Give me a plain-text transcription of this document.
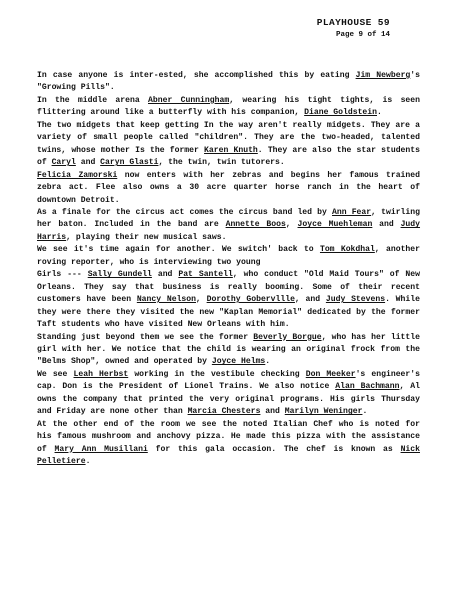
PLAYHOUSE 59
Page 9 of 14

In case anyone is inter-ested, she accomplished this by eating Jim Newberg's "Growing Pills".

In the middle arena Abner Cunningham, wearing his tight tights, is seen flittering around like a butterfly with his companion, Diane Goldstein.

The two midgets that keep getting In the way aren't really midgets. They are a variety of small people called "children". They are the two-headed, talented twins, whose mother Is the former Karen Knuth. They are also the star students of Caryl and Caryn Glasti, the twin, twin tutorers.

Felicia Zamorski now enters with her zebras and begins her famous trained zebra act. Flee also owns a 30 acre quarter horse ranch in the heart of downtown Detroit.

As a finale for the circus act comes the circus band led by Ann Fear, twirling her baton. Included in the band are Annette Boos, Joyce Muehleman and Judy Harris, playing their new musical saws.

We see it's time again for another. We switch' back to Tom Kokdhal, another roving reporter, who is interviewing two young

Girls --- Sally Gundell and Pat Santell, who conduct "Old Maid Tours" of New Orleans. They say that business is really booming. Some of their recent customers have been Nancy Nelson, Dorothy Gobervllle, and Judy Stevens. While they were there they visited the new "Kaplan Memorial" dedicated by the former Taft students who have visited New Orleans with him.

Standing just beyond them we see the former Beverly Borgue, who has her little girl with her. We notice that the child is wearing an original frock from the "Belms Shop", owned and operated by Joyce Helms.

We see Leah Herbst working in the vestibule checking Don Meeker's engineer's cap. Don is the President of Lionel Trains. We also notice Alan Bachmann, Al owns the company that printed the very original programs. His girls Thursday and Friday are none other than Marcia Chesters and Marilyn Weninger.

At the other end of the room we see the noted Italian Chef who is noted for his famous mushroom and anchovy pizza. He made this pizza with the assistance of Mary Ann Musillani for this gala occasion. The chef is known as Nick Pelletiere.
